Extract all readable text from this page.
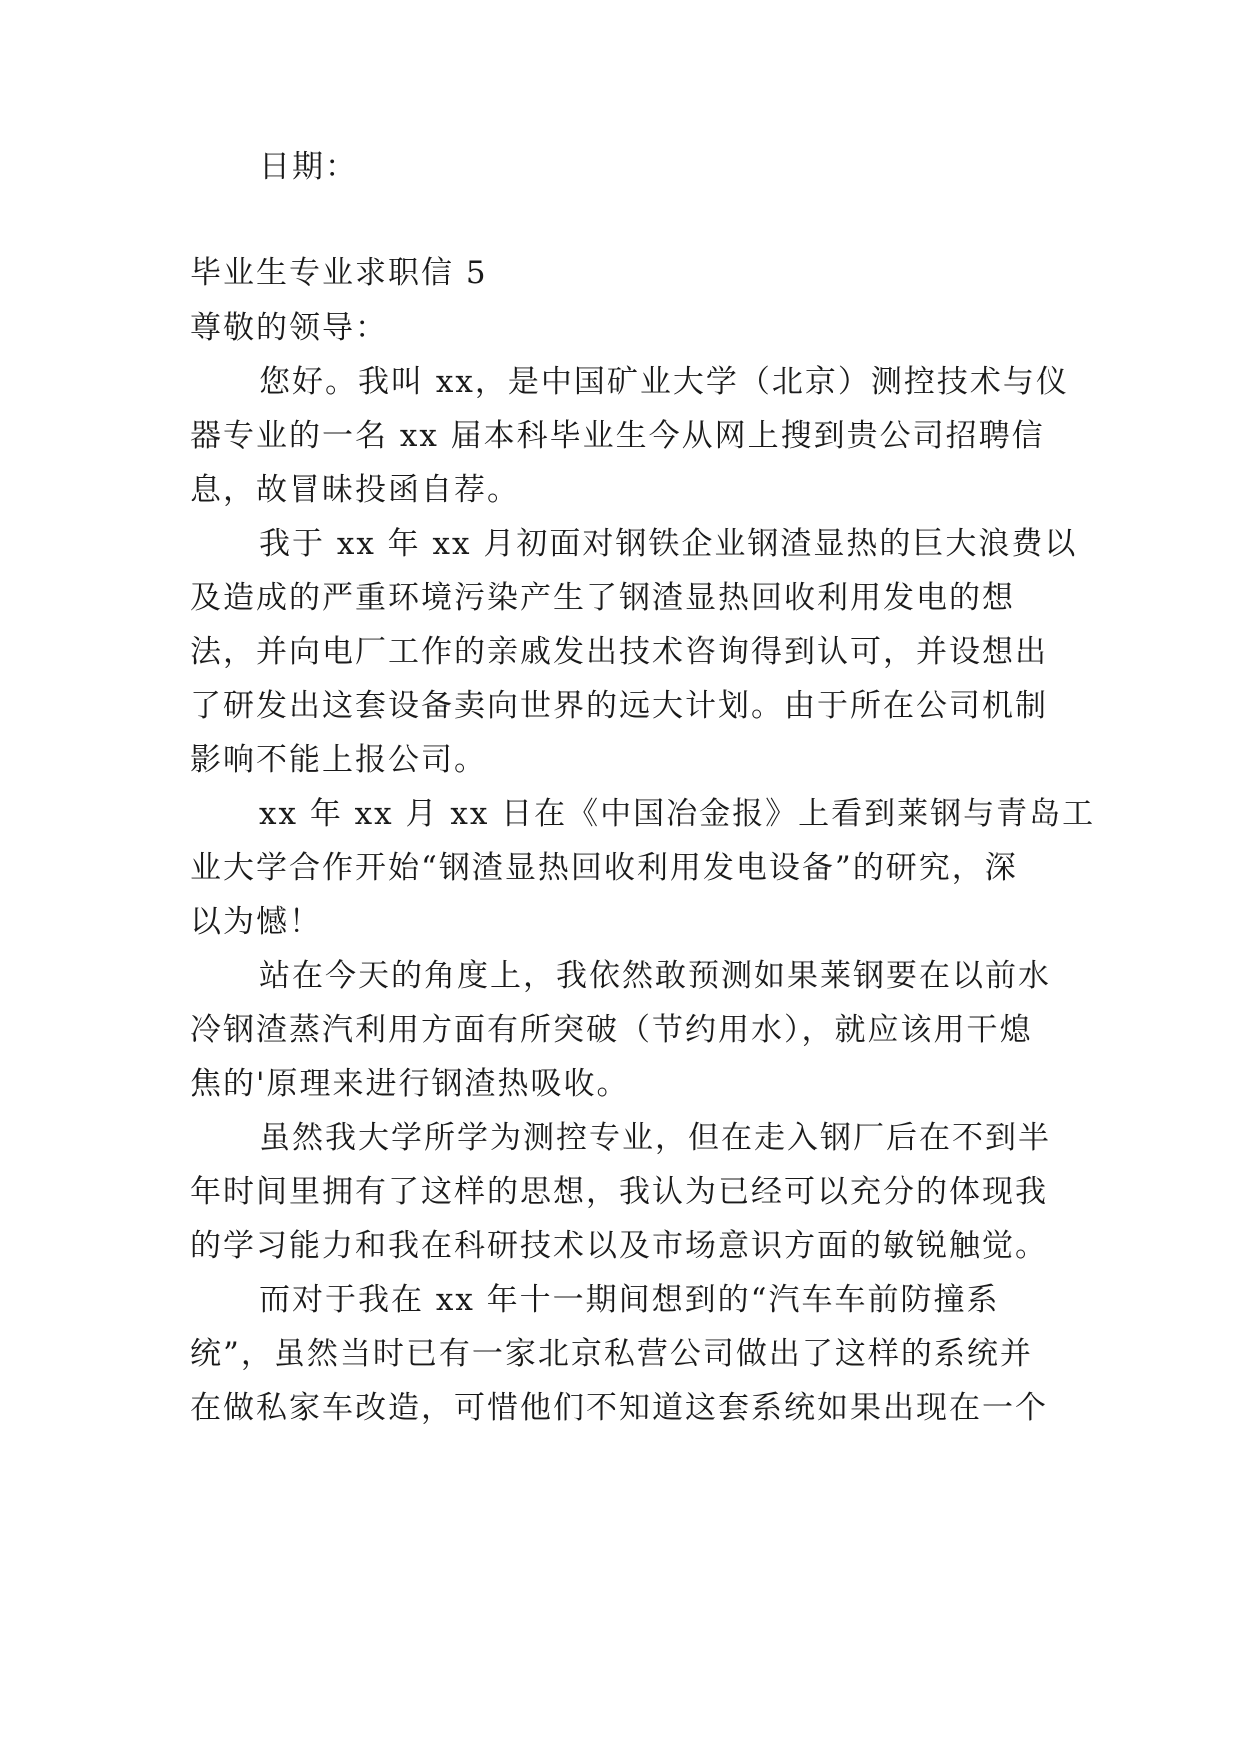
日期：
毕业生专业求职信 5
尊敬的领导：
您好。我叫 xx，是中国矿业大学（北京）测控技术与仪
器专业的一名 xx 届本科毕业生今从网上搜到贵公司招聘信
息，故冒昧投函自荐。
我于 xx 年 xx 月初面对钢铁企业钢渣显热的巨大浪费以
及造成的严重环境污染产生了钢渣显热回收利用发电的想
法，并向电厂工作的亲戚发出技术咨询得到认可，并设想出
了研发出这套设备卖向世界的远大计划。由于所在公司机制
影响不能上报公司。
xx 年 xx 月 xx 日在《中国冶金报》上看到莱钢与青岛工
业大学合作开始“钢渣显热回收利用发电设备”的研究，深
以为憾！
站在今天的角度上，我依然敢预测如果莱钢要在以前水
冷钢渣蒸汽利用方面有所突破（节约用水），就应该用干熄
焦的'原理来进行钢渣热吸收。
虽然我大学所学为测控专业，但在走入钢厂后在不到半
年时间里拥有了这样的思想，我认为已经可以充分的体现我
的学习能力和我在科研技术以及市场意识方面的敏锐触觉。
而对于我在 xx 年十一期间想到的“汽车车前防撞系
统”，虽然当时已有一家北京私营公司做出了这样的系统并
在做私家车改造，可惜他们不知道这套系统如果出现在一个
